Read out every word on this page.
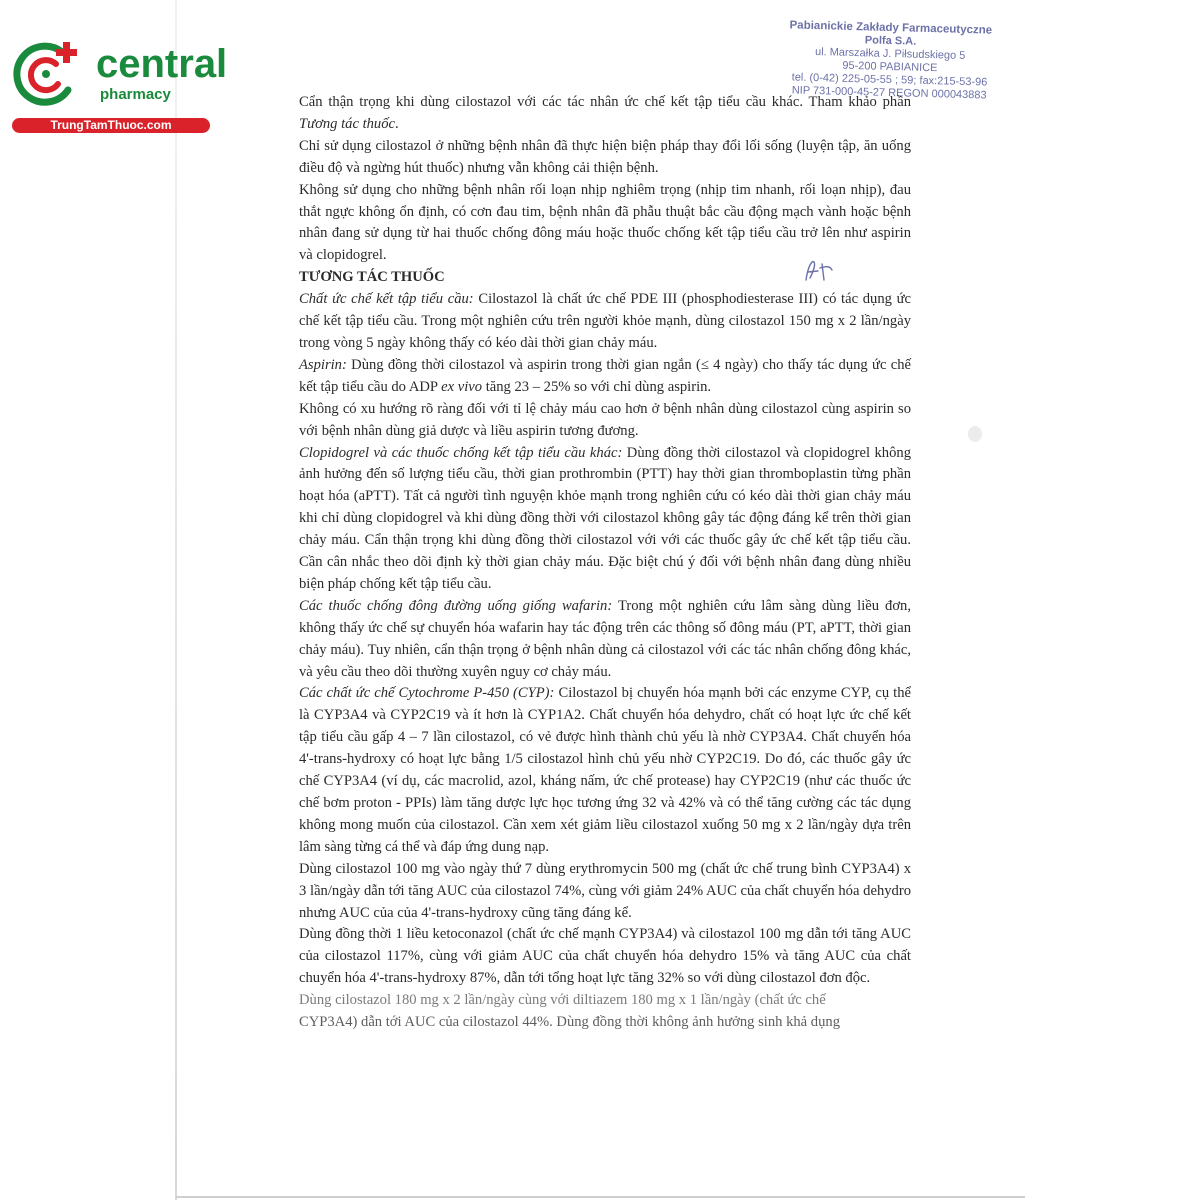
central
pharmacy
TrungTamThuoc.com
Pabianickie Zakłady Farmaceutyczne
Polfa S.A.
ul. Marszałka J. Piłsudskiego 5
95-200 PABIANICE
tel. (0-42) 225-05-55 ; 59; fax:215-53-96
NIP 731-000-45-27 REGON 000043883

Cẩn thận trọng khi dùng cilostazol với các tác nhân ức chế kết tập tiểu cầu khác. Tham khảo phần Tương tác thuốc.

Chỉ sử dụng cilostazol ở những bệnh nhân đã thực hiện biện pháp thay đổi lối sống (luyện tập, ăn uống điều độ và ngừng hút thuốc) nhưng vẫn không cải thiện bệnh.

Không sử dụng cho những bệnh nhân rối loạn nhịp nghiêm trọng (nhịp tim nhanh, rối loạn nhịp), đau thắt ngực không ổn định, có cơn đau tim, bệnh nhân đã phẫu thuật bắc cầu động mạch vành hoặc bệnh nhân đang sử dụng từ hai thuốc chống đông máu hoặc thuốc chống kết tập tiểu cầu trở lên như aspirin và clopidogrel.

TƯƠNG TÁC THUỐC

Chất ức chế kết tập tiểu cầu: Cilostazol là chất ức chế PDE III (phosphodiesterase III) có tác dụng ức chế kết tập tiểu cầu. Trong một nghiên cứu trên người khỏe mạnh, dùng cilostazol 150 mg x 2 lần/ngày trong vòng 5 ngày không thấy có kéo dài thời gian chảy máu.

Aspirin: Dùng đồng thời cilostazol và aspirin trong thời gian ngắn (≤ 4 ngày) cho thấy tác dụng ức chế kết tập tiểu cầu do ADP ex vivo tăng 23 – 25% so với chỉ dùng aspirin.

Không có xu hướng rõ ràng đối với tỉ lệ chảy máu cao hơn ở bệnh nhân dùng cilostazol cùng aspirin so với bệnh nhân dùng giả dược và liều aspirin tương đương.

Clopidogrel và các thuốc chống kết tập tiểu cầu khác: Dùng đồng thời cilostazol và clopidogrel không ảnh hưởng đến số lượng tiểu cầu, thời gian prothrombin (PTT) hay thời gian thromboplastin từng phần hoạt hóa (aPTT). Tất cả người tình nguyện khỏe mạnh trong nghiên cứu có kéo dài thời gian chảy máu khi chỉ dùng clopidogrel và khi dùng đồng thời với cilostazol không gây tác động đáng kể trên thời gian chảy máu. Cẩn thận trọng khi dùng đồng thời cilostazol với với các thuốc gây ức chế kết tập tiểu cầu. Cần cân nhắc theo dõi định kỳ thời gian chảy máu. Đặc biệt chú ý đối với bệnh nhân đang dùng nhiều biện pháp chống kết tập tiểu cầu.

Các thuốc chống đông đường uống giống wafarin: Trong một nghiên cứu lâm sàng dùng liều đơn, không thấy ức chế sự chuyển hóa wafarin hay tác động trên các thông số đông máu (PT, aPTT, thời gian chảy máu). Tuy nhiên, cẩn thận trọng ở bệnh nhân dùng cả cilostazol với các tác nhân chống đông khác, và yêu cầu theo dõi thường xuyên nguy cơ chảy máu.

Các chất ức chế Cytochrome P-450 (CYP): Cilostazol bị chuyển hóa mạnh bởi các enzyme CYP, cụ thể là CYP3A4 và CYP2C19 và ít hơn là CYP1A2. Chất chuyển hóa dehydro, chất có hoạt lực ức chế kết tập tiểu cầu gấp 4 – 7 lần cilostazol, có vẻ được hình thành chủ yếu là nhờ CYP3A4. Chất chuyển hóa 4'-trans-hydroxy có hoạt lực bằng 1/5 cilostazol hình chủ yếu nhờ CYP2C19. Do đó, các thuốc gây ức chế CYP3A4 (ví dụ, các macrolid, azol, kháng nấm, ức chế protease) hay CYP2C19 (như các thuốc ức chế bơm proton - PPIs) làm tăng dược lực học tương ứng 32 và 42% và có thể tăng cường các tác dụng không mong muốn của cilostazol. Cần xem xét giảm liều cilostazol xuống 50 mg x 2 lần/ngày dựa trên lâm sàng từng cá thể và đáp ứng dung nạp.

Dùng cilostazol 100 mg vào ngày thứ 7 dùng erythromycin 500 mg (chất ức chế trung bình CYP3A4) x 3 lần/ngày dẫn tới tăng AUC của cilostazol 74%, cùng với giảm 24% AUC của chất chuyển hóa dehydro nhưng AUC của của 4'-trans-hydroxy cũng tăng đáng kể.

Dùng đồng thời 1 liều ketoconazol (chất ức chế mạnh CYP3A4) và cilostazol 100 mg dẫn tới tăng AUC của cilostazol 117%, cùng với giảm AUC của chất chuyển hóa dehydro 15% và tăng AUC của chất chuyển hóa 4'-trans-hydroxy 87%, dẫn tới tổng hoạt lực tăng 32% so với dùng cilostazol đơn độc.

Dùng cilostazol 180 mg x 2 lần/ngày cùng với diltiazem 180 mg x 1 lần/ngày (chất ức chế

CYP3A4) dẫn tới AUC của cilostazol 44%. Dùng đồng thời không ảnh hưởng sinh khả dụng
